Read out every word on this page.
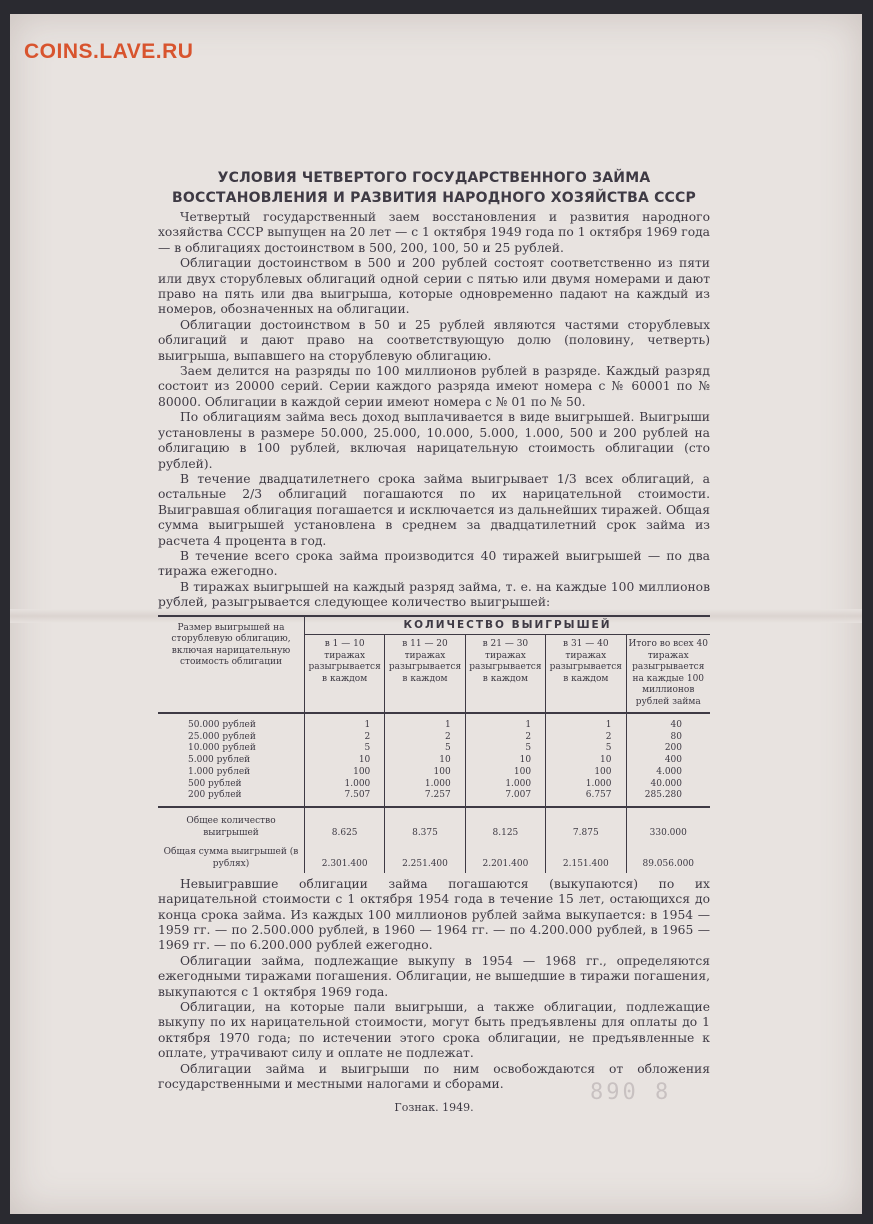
COINS.LAVE.RU
890 8
УСЛОВИЯ ЧЕТВЕРТОГО ГОСУДАРСТВЕННОГО ЗАЙМА
ВОССТАНОВЛЕНИЯ И РАЗВИТИЯ НАРОДНОГО ХОЗЯЙСТВА СССР

Четвертый государственный заем восстановления и развития народного хозяйства СССР выпущен на 20 лет — с 1 октября 1949 года по 1 октября 1969 года — в облигациях достоинством в 500, 200, 100, 50 и 25 рублей.

Облигации достоинством в 500 и 200 рублей состоят соответственно из пяти или двух сторублевых облигаций одной серии с пятью или двумя номерами и дают право на пять или два выигрыша, которые одновременно падают на каждый из номеров, обозначенных на облигации.

Облигации достоинством в 50 и 25 рублей являются частями сторублевых облигаций и дают право на соответствующую долю (половину, четверть) выигрыша, выпавшего на сторублевую облигацию.

Заем делится на разряды по 100 миллионов рублей в разряде. Каждый разряд состоит из 20000 серий. Серии каждого разряда имеют номера с № 60001 по № 80000. Облигации в каждой серии имеют номера с № 01 по № 50.

По облигациям займа весь доход выплачивается в виде выигрышей. Выигрыши установлены в размере 50.000, 25.000, 10.000, 5.000, 1.000, 500 и 200 рублей на облигацию в 100 рублей, включая нарицательную стоимость облигации (сто рублей).

В течение двадцатилетнего срока займа выигрывает 1/3 всех облигаций, а остальные 2/3 облигаций погашаются по их нарицательной стоимости. Выигравшая облигация погашается и исключается из дальнейших тиражей. Общая сумма выигрышей установлена в среднем за двадцатилетний срок займа из расчета 4 процента в год.

В течение всего срока займа производится 40 тиражей выигрышей — по два тиража ежегодно.

В тиражах выигрышей на каждый разряд займа, т. е. на каждые 100 миллионов рублей, разыгрывается следующее количество выигрышей:

Размер выигрышей на сторублевую облигацию, включая нарицательную стоимость облигации	КОЛИЧЕСТВО ВЫИГРЫШЕЙ				
	в 1 — 10 тиражах разыгрывается в каждом	в 11 — 20 тиражах разыгрывается в каждом	в 21 — 30 тиражах разыгрывается в каждом	в 31 — 40 тиражах разыгрывается в каждом	Итого во всех 40 тиражах разыгрывается на каждые 100 миллионов рублей займа
50.000 рублей	1	1	1	1	40
25.000 рублей	2	2	2	2	80
10.000 рублей	5	5	5	5	200
5.000 рублей	10	10	10	10	400
1.000 рублей	100	100	100	100	4.000
500 рублей	1.000	1.000	1.000	1.000	40.000
200 рублей	7.507	7.257	7.007	6.757	285.280
Общее количество выигрышей	8.625	8.375	8.125	7.875	330.000
Общая сумма выигрышей (в рублях)	2.301.400	2.251.400	2.201.400	2.151.400	89.056.000

Невыигравшие облигации займа погашаются (выкупаются) по их нарицательной стоимости с 1 октября 1954 года в течение 15 лет, остающихся до конца срока займа. Из каждых 100 миллионов рублей займа выкупается: в 1954 — 1959 гг. — по 2.500.000 рублей, в 1960 — 1964 гг. — по 4.200.000 рублей, в 1965 — 1969 гг. — по 6.200.000 рублей ежегодно.

Облигации займа, подлежащие выкупу в 1954 — 1968 гг., определяются ежегодными тиражами погашения. Облигации, не вышедшие в тиражи погашения, выкупаются с 1 октября 1969 года.

Облигации, на которые пали выигрыши, а также облигации, подлежащие выкупу по их нарицательной стоимости, могут быть предъявлены для оплаты до 1 октября 1970 года; по истечении этого срока облигации, не предъявленные к оплате, утрачивают силу и оплате не подлежат.

Облигации займа и выигрыши по ним освобождаются от обложения государственными и местными налогами и сборами.

Гознак. 1949.
